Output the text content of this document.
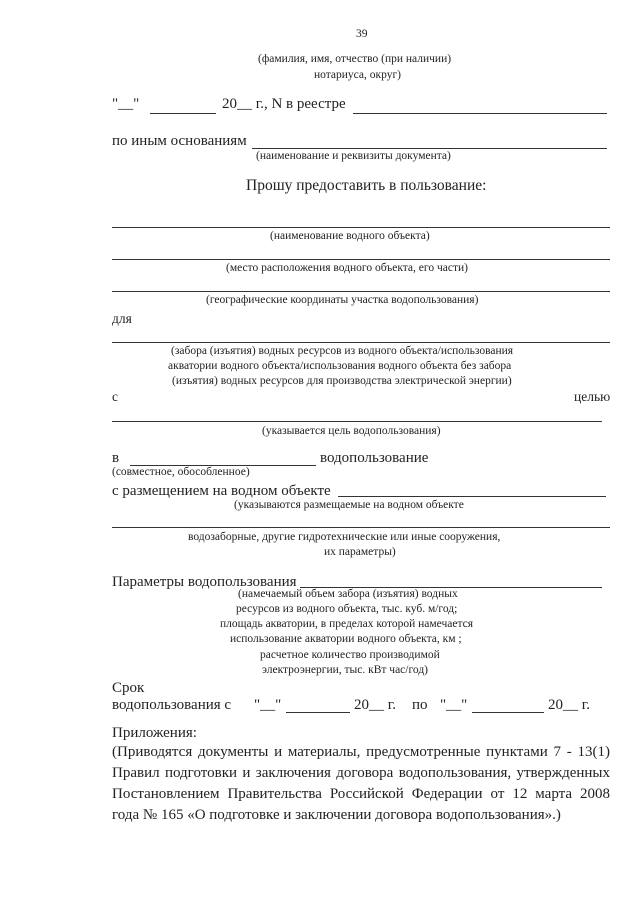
39
(фамилия, имя, отчество (при наличии)
нотариуса, округ)
"__"	20__ г., N в реестре
по иным основаниям
(наименование и реквизиты документа)
Прошу предоставить в пользование:
(наименование водного объекта)
(место расположения водного объекта, его части)
(географические координаты участка водопользования)
для
(забора (изъятия) водных ресурсов из водного объекта/использования
акватории водного объекта/использования водного объекта без забора
(изъятия) водных ресурсов для производства электрической энергии)
с	целью
(указывается цель водопользования)
в	водопользование
(совместное, обособленное)
с размещением на водном объекте
(указываются размещаемые на водном объекте
водозаборные, другие гидротехнические или иные сооружения,
их параметры)
Параметры водопользования
(намечаемый объем забора (изъятия) водных
ресурсов из водного объекта, тыс. куб. м/год;
площадь акватории, в пределах которой намечается
использование акватории водного объекта, км ;
расчетное количество производимой
электроэнергии, тыс. кВт час/год)
Срок
водопользования с "__"	20__ г. по "__"	20__ г.
Приложения:
(Приводятся документы и материалы, предусмотренные пунктами 7 - 13(1) Правил подготовки и заключения договора водопользования, утвержденных Постановлением Правительства Российской Федерации от 12 марта 2008 года № 165 «О подготовке и заключении договора водопользования».)
